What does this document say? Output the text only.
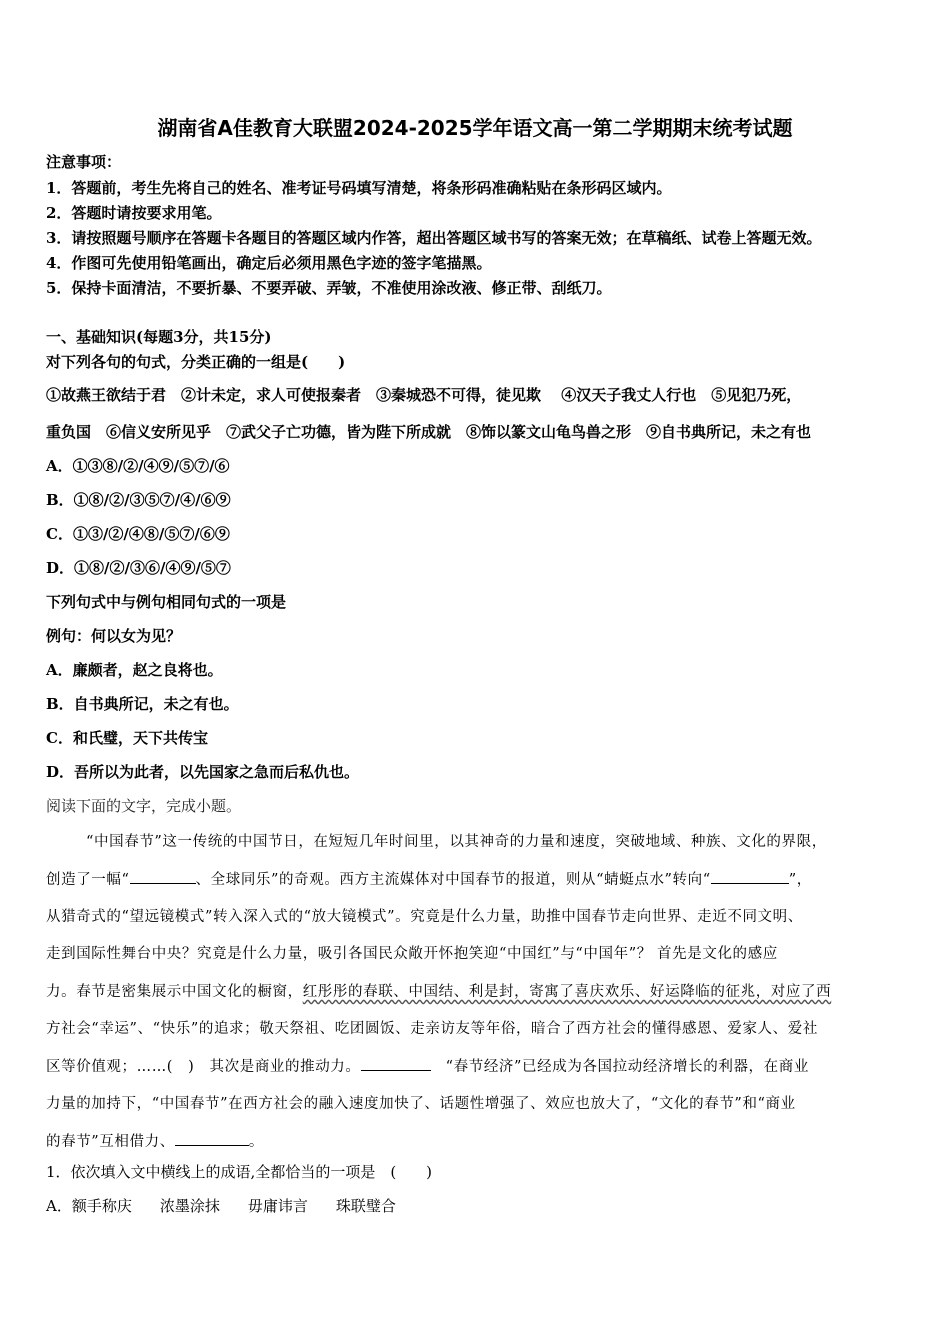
湖南省A佳教育大联盟2024-2025学年语文高一第二学期期末统考试题
注意事项：
1．答题前，考生先将自己的姓名、准考证号码填写清楚，将条形码准确粘贴在条形码区域内。
2．答题时请按要求用笔。
3．请按照题号顺序在答题卡各题目的答题区域内作答，超出答题区域书写的答案无效；在草稿纸、试卷上答题无效。
4．作图可先使用铅笔画出，确定后必须用黑色字迹的签字笔描黑。
5．保持卡面清洁，不要折暴、不要弄破、弄皱，不准使用涂改液、修正带、刮纸刀。
一、基础知识(每题3分，共15分)
对下列各句的句式，分类正确的一组是(　　)
①故燕王欲结于君　②计未定，求人可使报秦者　③秦城恐不可得，徒见欺　 ④汉天子我丈人行也　⑤见犯乃死，
重负国　⑥信义安所见乎　⑦武父子亡功德，皆为陛下所成就　⑧饰以篆文山龟鸟兽之形　⑨自书典所记，未之有也
A．①③⑧/②/④⑨/⑤⑦/⑥
B．①⑧/②/③⑤⑦/④/⑥⑨
C．①③/②/④⑧/⑤⑦/⑥⑨
D．①⑧/②/③⑥/④⑨/⑤⑦
下列句式中与例句相同句式的一项是
例句：何以女为见？
A．廉颇者，赵之良将也。
B．自书典所记，未之有也。
C．和氏璧，天下共传宝
D．吾所以为此者，以先国家之急而后私仇也。
阅读下面的文字，完成小题。
“中国春节”这一传统的中国节日，在短短几年时间里，以其神奇的力量和速度，突破地域、种族、文化的界限，
创造了一幅“	、全球同乐”的奇观。西方主流媒体对中国春节的报道，则从“蜻蜓点水”转向“	”，
从猎奇式的“望远镜模式”转入深入式的“放大镜模式”。究竟是什么力量，助推中国春节走向世界、走近不同文明、
走到国际性舞台中央？究竟是什么力量，吸引各国民众敞开怀抱笑迎“中国红”与“中国年”？ 首先是文化的感应
力。春节是密集展示中国文化的橱窗，红彤彤的春联、中国结、利是封，寄寓了喜庆欢乐、好运降临的征兆，对应了西
方社会“幸运”、“快乐”的追求；敬天祭祖、吃团圆饭、走亲访友等年俗，暗合了西方社会的懂得感恩、爱家人、爱社
区等价值观；……(　)　其次是商业的推动力。	　“春节经济”已经成为各国拉动经济增长的利器，在商业
力量的加持下，“中国春节”在西方社会的融入速度加快了、话题性增强了、效应也放大了，“文化的春节”和“商业
的春节”互相借力、	。
1．依次填入文中横线上的成语,全都恰当的一项是　(　　)
A．额手称庆 浓墨涂抹 毋庸讳言 珠联璧合
